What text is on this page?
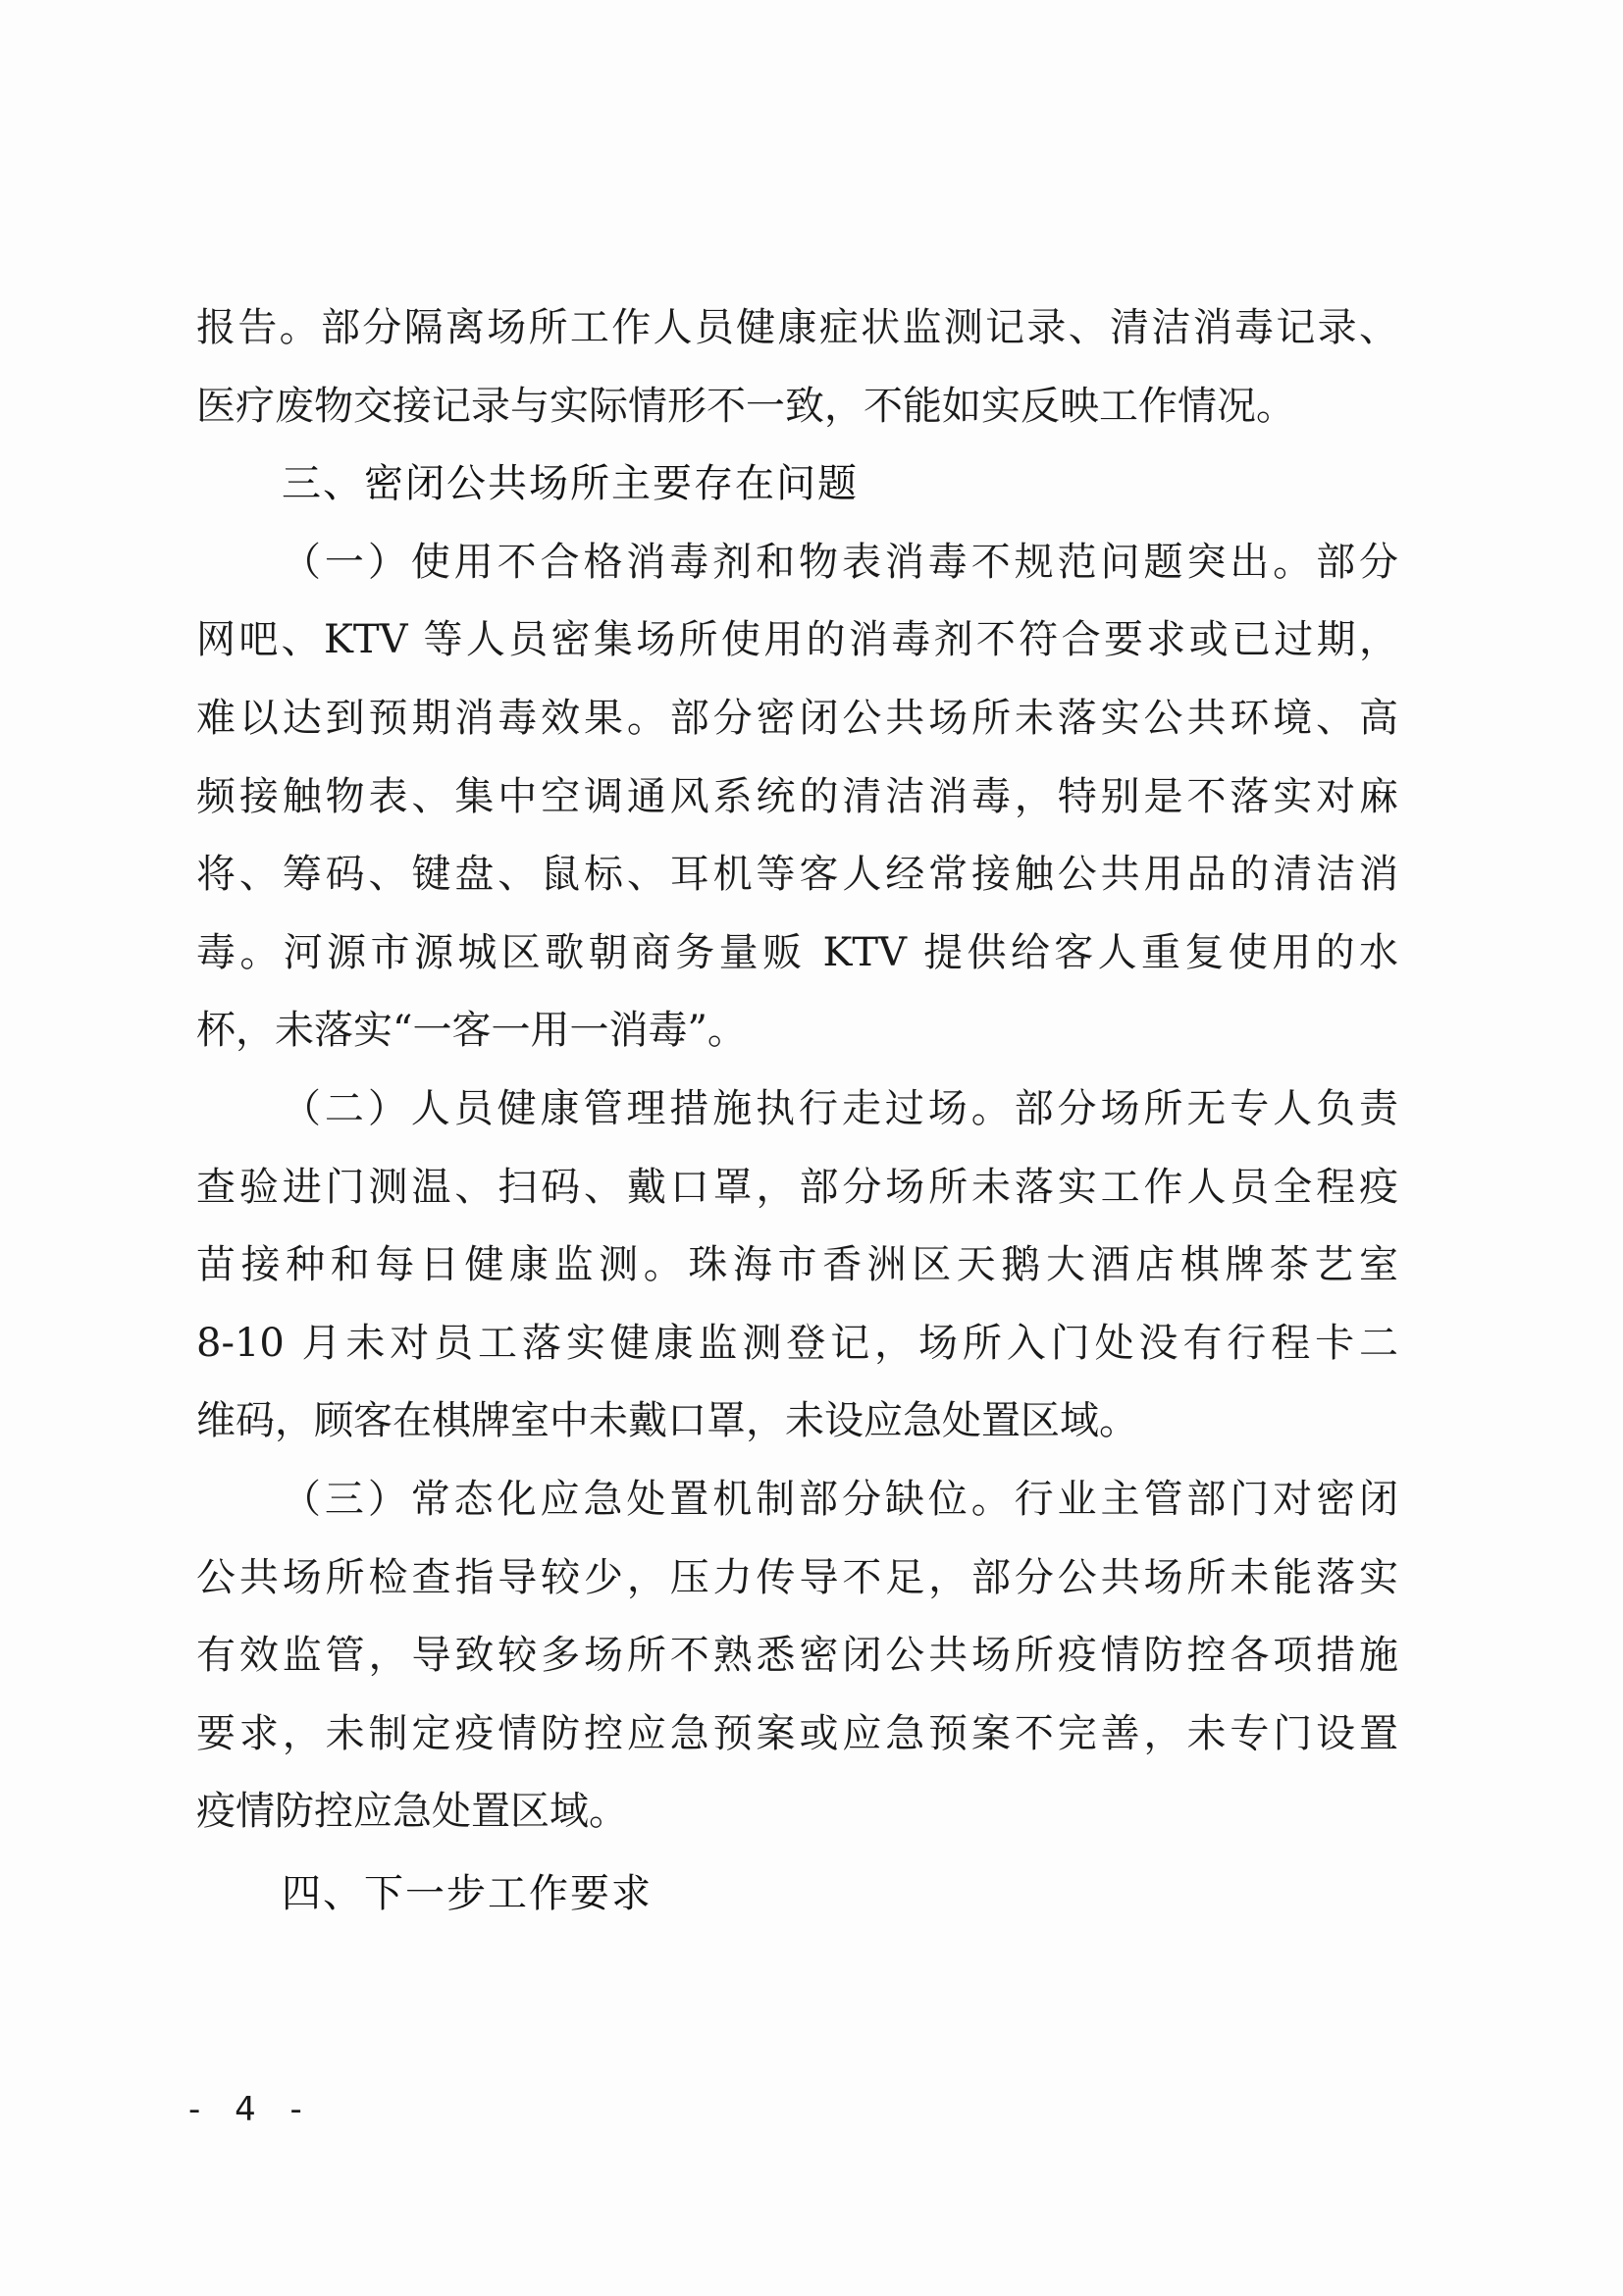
报告。部分隔离场所工作人员健康症状监测记录、清洁消毒记录、
医疗废物交接记录与实际情形不一致，不能如实反映工作情况。
三、密闭公共场所主要存在问题
（一）使用不合格消毒剂和物表消毒不规范问题突出。部分
网吧、KTV 等人员密集场所使用的消毒剂不符合要求或已过期，
难以达到预期消毒效果。部分密闭公共场所未落实公共环境、高
频接触物表、集中空调通风系统的清洁消毒，特别是不落实对麻
将、筹码、键盘、鼠标、耳机等客人经常接触公共用品的清洁消
毒。河源市源城区歌朝商务量贩 KTV 提供给客人重复使用的水
杯，未落实“一客一用一消毒”。
（二）人员健康管理措施执行走过场。部分场所无专人负责
查验进门测温、扫码、戴口罩，部分场所未落实工作人员全程疫
苗接种和每日健康监测。珠海市香洲区天鹅大酒店棋牌茶艺室
8-10 月未对员工落实健康监测登记，场所入门处没有行程卡二
维码，顾客在棋牌室中未戴口罩，未设应急处置区域。
（三）常态化应急处置机制部分缺位。行业主管部门对密闭
公共场所检查指导较少，压力传导不足，部分公共场所未能落实
有效监管，导致较多场所不熟悉密闭公共场所疫情防控各项措施
要求，未制定疫情防控应急预案或应急预案不完善，未专门设置
疫情防控应急处置区域。
四、下一步工作要求
- 4 -
